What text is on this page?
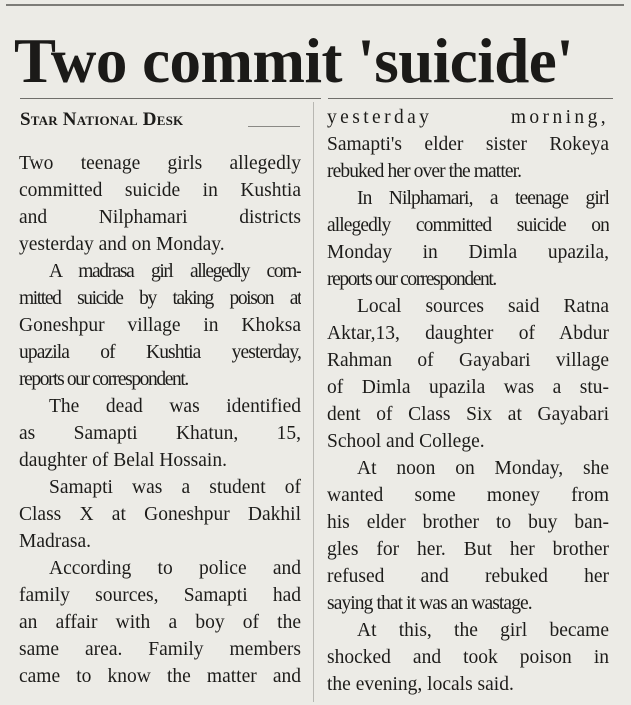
Two commit 'suicide'

Star National Desk

Two teenage girls allegedly
committed suicide in Kushtia
and Nilphamari districts
yesterday and on Monday.
A madrasa girl allegedly com-
mitted suicide by taking poison at
Goneshpur village in Khoksa
upazila of Kushtia yesterday,
reports our correspondent.
The dead was identified
as Samapti Khatun, 15,
daughter of Belal Hossain.
Samapti was a student of
Class X at Goneshpur Dakhil
Madrasa.
According to police and
family sources, Samapti had
an affair with a boy of the
same area. Family members
came to know the matter and
yesterday morning,
Samapti's elder sister Rokeya
rebuked her over the matter.
In Nilphamari, a teenage girl
allegedly committed suicide on
Monday in Dimla upazila,
reports our correspondent.
Local sources said Ratna
Aktar,13, daughter of Abdur
Rahman of Gayabari village
of Dimla upazila was a stu-
dent of Class Six at Gayabari
School and College.
At noon on Monday, she
wanted some money from
his elder brother to buy ban-
gles for her. But her brother
refused and rebuked her
saying that it was an wastage.
At this, the girl became
shocked and took poison in
the evening, locals said.
